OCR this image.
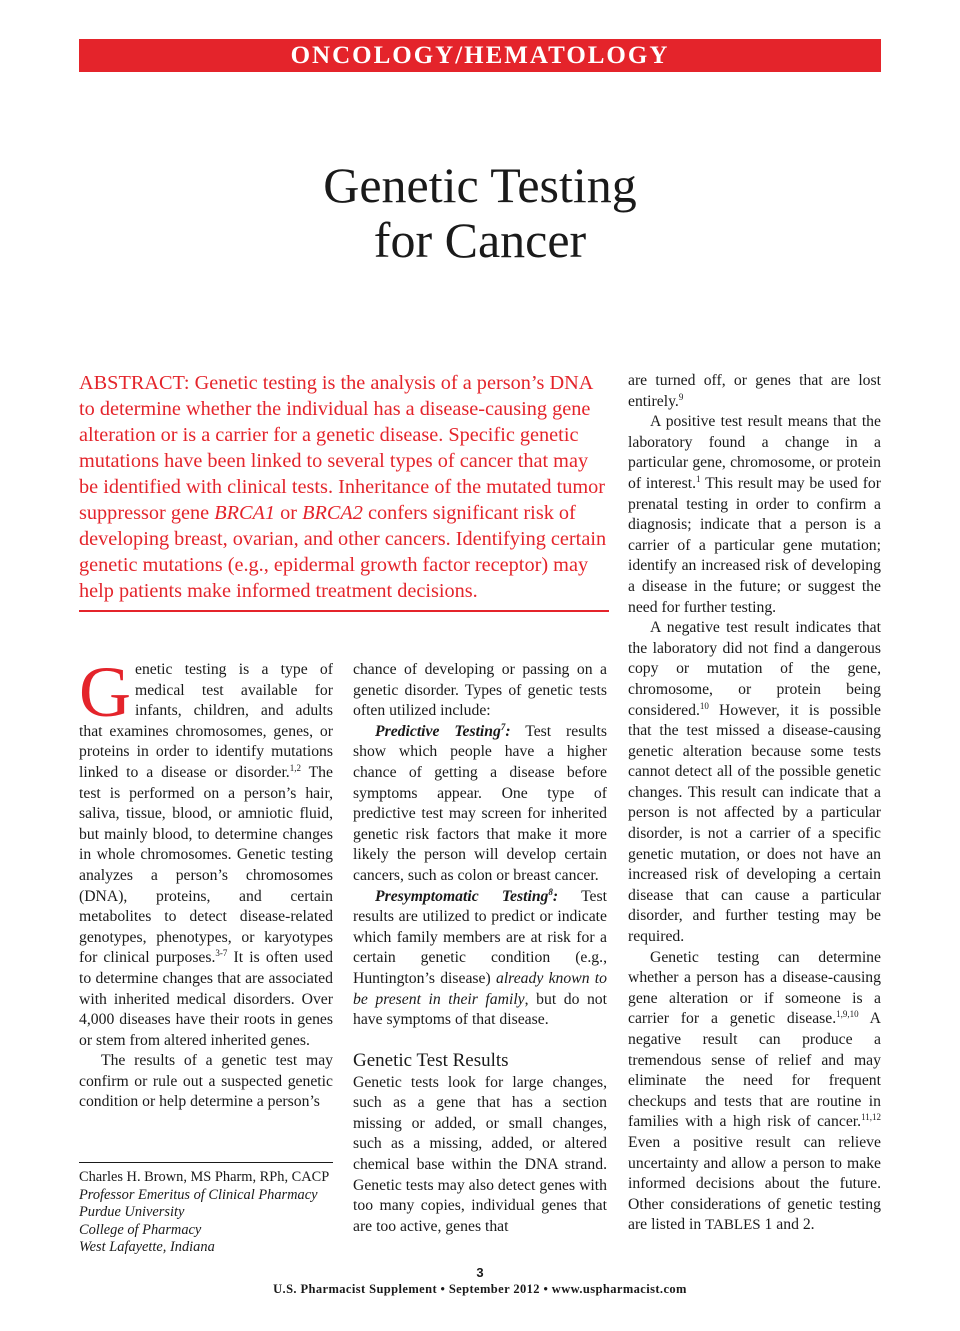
ONCOLOGY/HEMATOLOGY
Genetic Testing
for Cancer
ABSTRACT: Genetic testing is the analysis of a person’s DNA to determine whether the individual has a disease-causing gene alteration or is a carrier for a genetic disease. Specific genetic mutations have been linked to several types of cancer that may be identified with clinical tests. Inheritance of the mutated tumor suppressor gene BRCA1 or BRCA2 confers significant risk of developing breast, ovarian, and other cancers. Identifying certain genetic mutations (e.g., epidermal growth factor receptor) may help patients make informed treatment decisions.

Genetic testing is a type of medical test available for infants, children, and adults that examines chromosomes, genes, or proteins in order to identify mutations linked to a disease or disorder.$^{1,2}$ The test is performed on a person’s hair, saliva, tissue, blood, or amniotic fluid, but mainly blood, to determine changes in whole chromosomes. Genetic testing analyzes a person’s chromosomes (DNA), proteins, and certain metabolites to detect disease-related genotypes, phenotypes, or karyotypes for clinical purposes.$^{3-7}$ It is often used to determine changes that are associated with inherited medical disorders. Over 4,000 diseases have their roots in genes or stem from altered inherited genes.

The results of a genetic test may confirm or rule out a suspected genetic condition or help determine a person’s

Charles H. Brown, MS Pharm, RPh, CACP
Professor Emeritus of Clinical Pharmacy
Purdue University
College of Pharmacy
West Lafayette, Indiana

chance of developing or passing on a genetic disorder. Types of genetic tests often utilized include:

Predictive Testing$^7$: Test results show which people have a higher chance of getting a disease before symptoms appear. One type of predictive test may screen for inherited genetic risk factors that make it more likely the person will develop certain cancers, such as colon or breast cancer.

Presymptomatic Testing$^8$: Test results are utilized to predict or indicate which family members are at risk for a certain genetic condition (e.g., Huntington’s disease) already known to be present in their family, but do not have symptoms of that disease.

Genetic Test Results

Genetic tests look for large changes, such as a gene that has a section missing or added, or small changes, such as a missing, added, or altered chemical base within the DNA strand. Genetic tests may also detect genes with too many copies, individual genes that are too active, genes that

are turned off, or genes that are lost entirely.$^9$

A positive test result means that the laboratory found a change in a particular gene, chromosome, or protein of interest.$^1$ This result may be used for prenatal testing in order to confirm a diagnosis; indicate that a person is a carrier of a particular gene mutation; identify an increased risk of developing a disease in the future; or suggest the need for further testing.

A negative test result indicates that the laboratory did not find a dangerous copy or mutation of the gene, chromosome, or protein being considered.$^{10}$ However, it is possible that the test missed a disease-causing genetic alteration because some tests cannot detect all of the possible genetic changes. This result can indicate that a person is not affected by a particular disorder, is not a carrier of a specific genetic mutation, or does not have an increased risk of developing a certain disease that can cause a particular disorder, and further testing may be required.

Genetic testing can determine whether a person has a disease-causing gene alteration or if someone is a carrier for a genetic disease.$^{1,9,10}$ A negative result can produce a tremendous sense of relief and may eliminate the need for frequent checkups and tests that are routine in families with a high risk of cancer.$^{11,12}$ Even a positive result can relieve uncertainty and allow a person to make informed decisions about the future. Other considerations of genetic testing are listed in TABLES 1 and 2.

3
U.S. Pharmacist Supplement • September 2012 • www.uspharmacist.com
